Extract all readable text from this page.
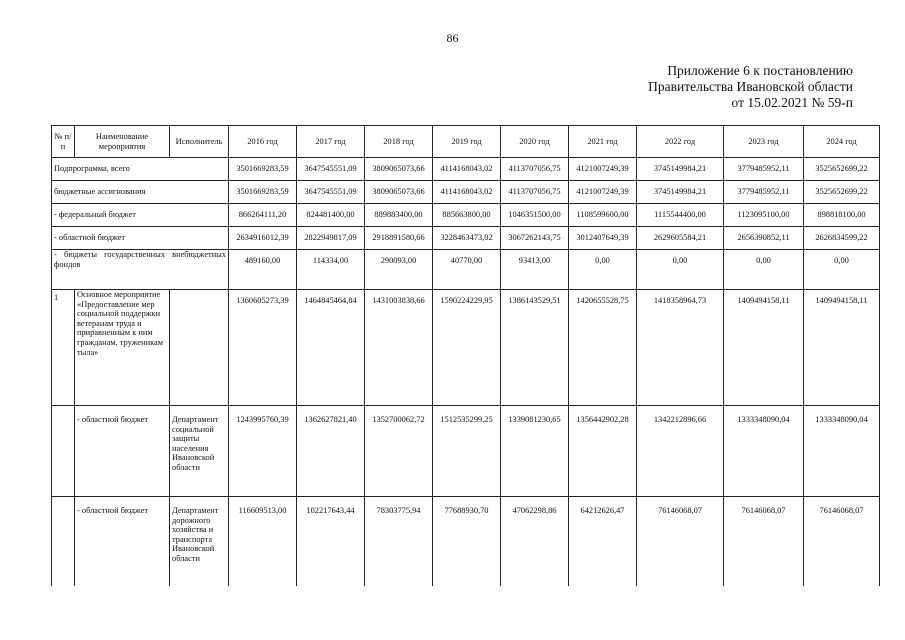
86
Приложение 6 к постановлению
Правительства Ивановской области
от 15.02.2021 № 59-п
№ п/п	Наименование мероприятия	Исполнитель	2016 год	2017 год	2018 год	2019 год	2020 год	2021 год	2022 год	2023 год	2024 год
Подпрограмма, всего			3501669283,59	3647545551,09	3809065073,66	4114168043,02	4113707056,75	4121007249,39	3745149984,21	3779485952,11	3525652699,22
бюджетные ассигнования			3501669283,59	3647545551,09	3809065073,66	4114168043,02	4113707056,75	4121007249,39	3745149984,21	3779485952,11	3525652699,22
- федеральный бюджет			866264111,20	824481400,00	889883400,00	885663800,00	1046351500,00	1108599600,00	1115544400,00	1123095100,00	898818100,00
- областной бюджет			2634916012,39	2822949817,09	2918891580,66	3228463473,02	3067262143,75	3012407649,39	2629605584,21	2656390852,11	2626834599,22
- бюджеты государственных внебюджетных фондов			489160,00	114334,00	290093,00	40770,00	93413,00	0,00	0,00	0,00	0,00
1	Основное мероприятие «Предоставление мер социальной поддержки ветеранам труда и приравненным к ним гражданам, труженикам тыла»		1360605273,39	1464845464,84	1431003838,66	1590224229,95	1386143529,51	1420655528,75	1418358964,73	1409494158,11	1409494158,11
	- областной бюджет	Департамент социальной защиты населения Ивановской области	1243995760,39	1362627821,40	1352700062,72	1512535299,25	1339081230,65	1356442902,28	1342212896,66	1333348090,04	1333348090,04
	- областной бюджет	Департамент дорожного хозяйства и транспорта Ивановской области	116609513,00	102217643,44	78303775,94	77688930,70	47062298,86	64212626,47	76146068,07	76146068,07	76146068,07
